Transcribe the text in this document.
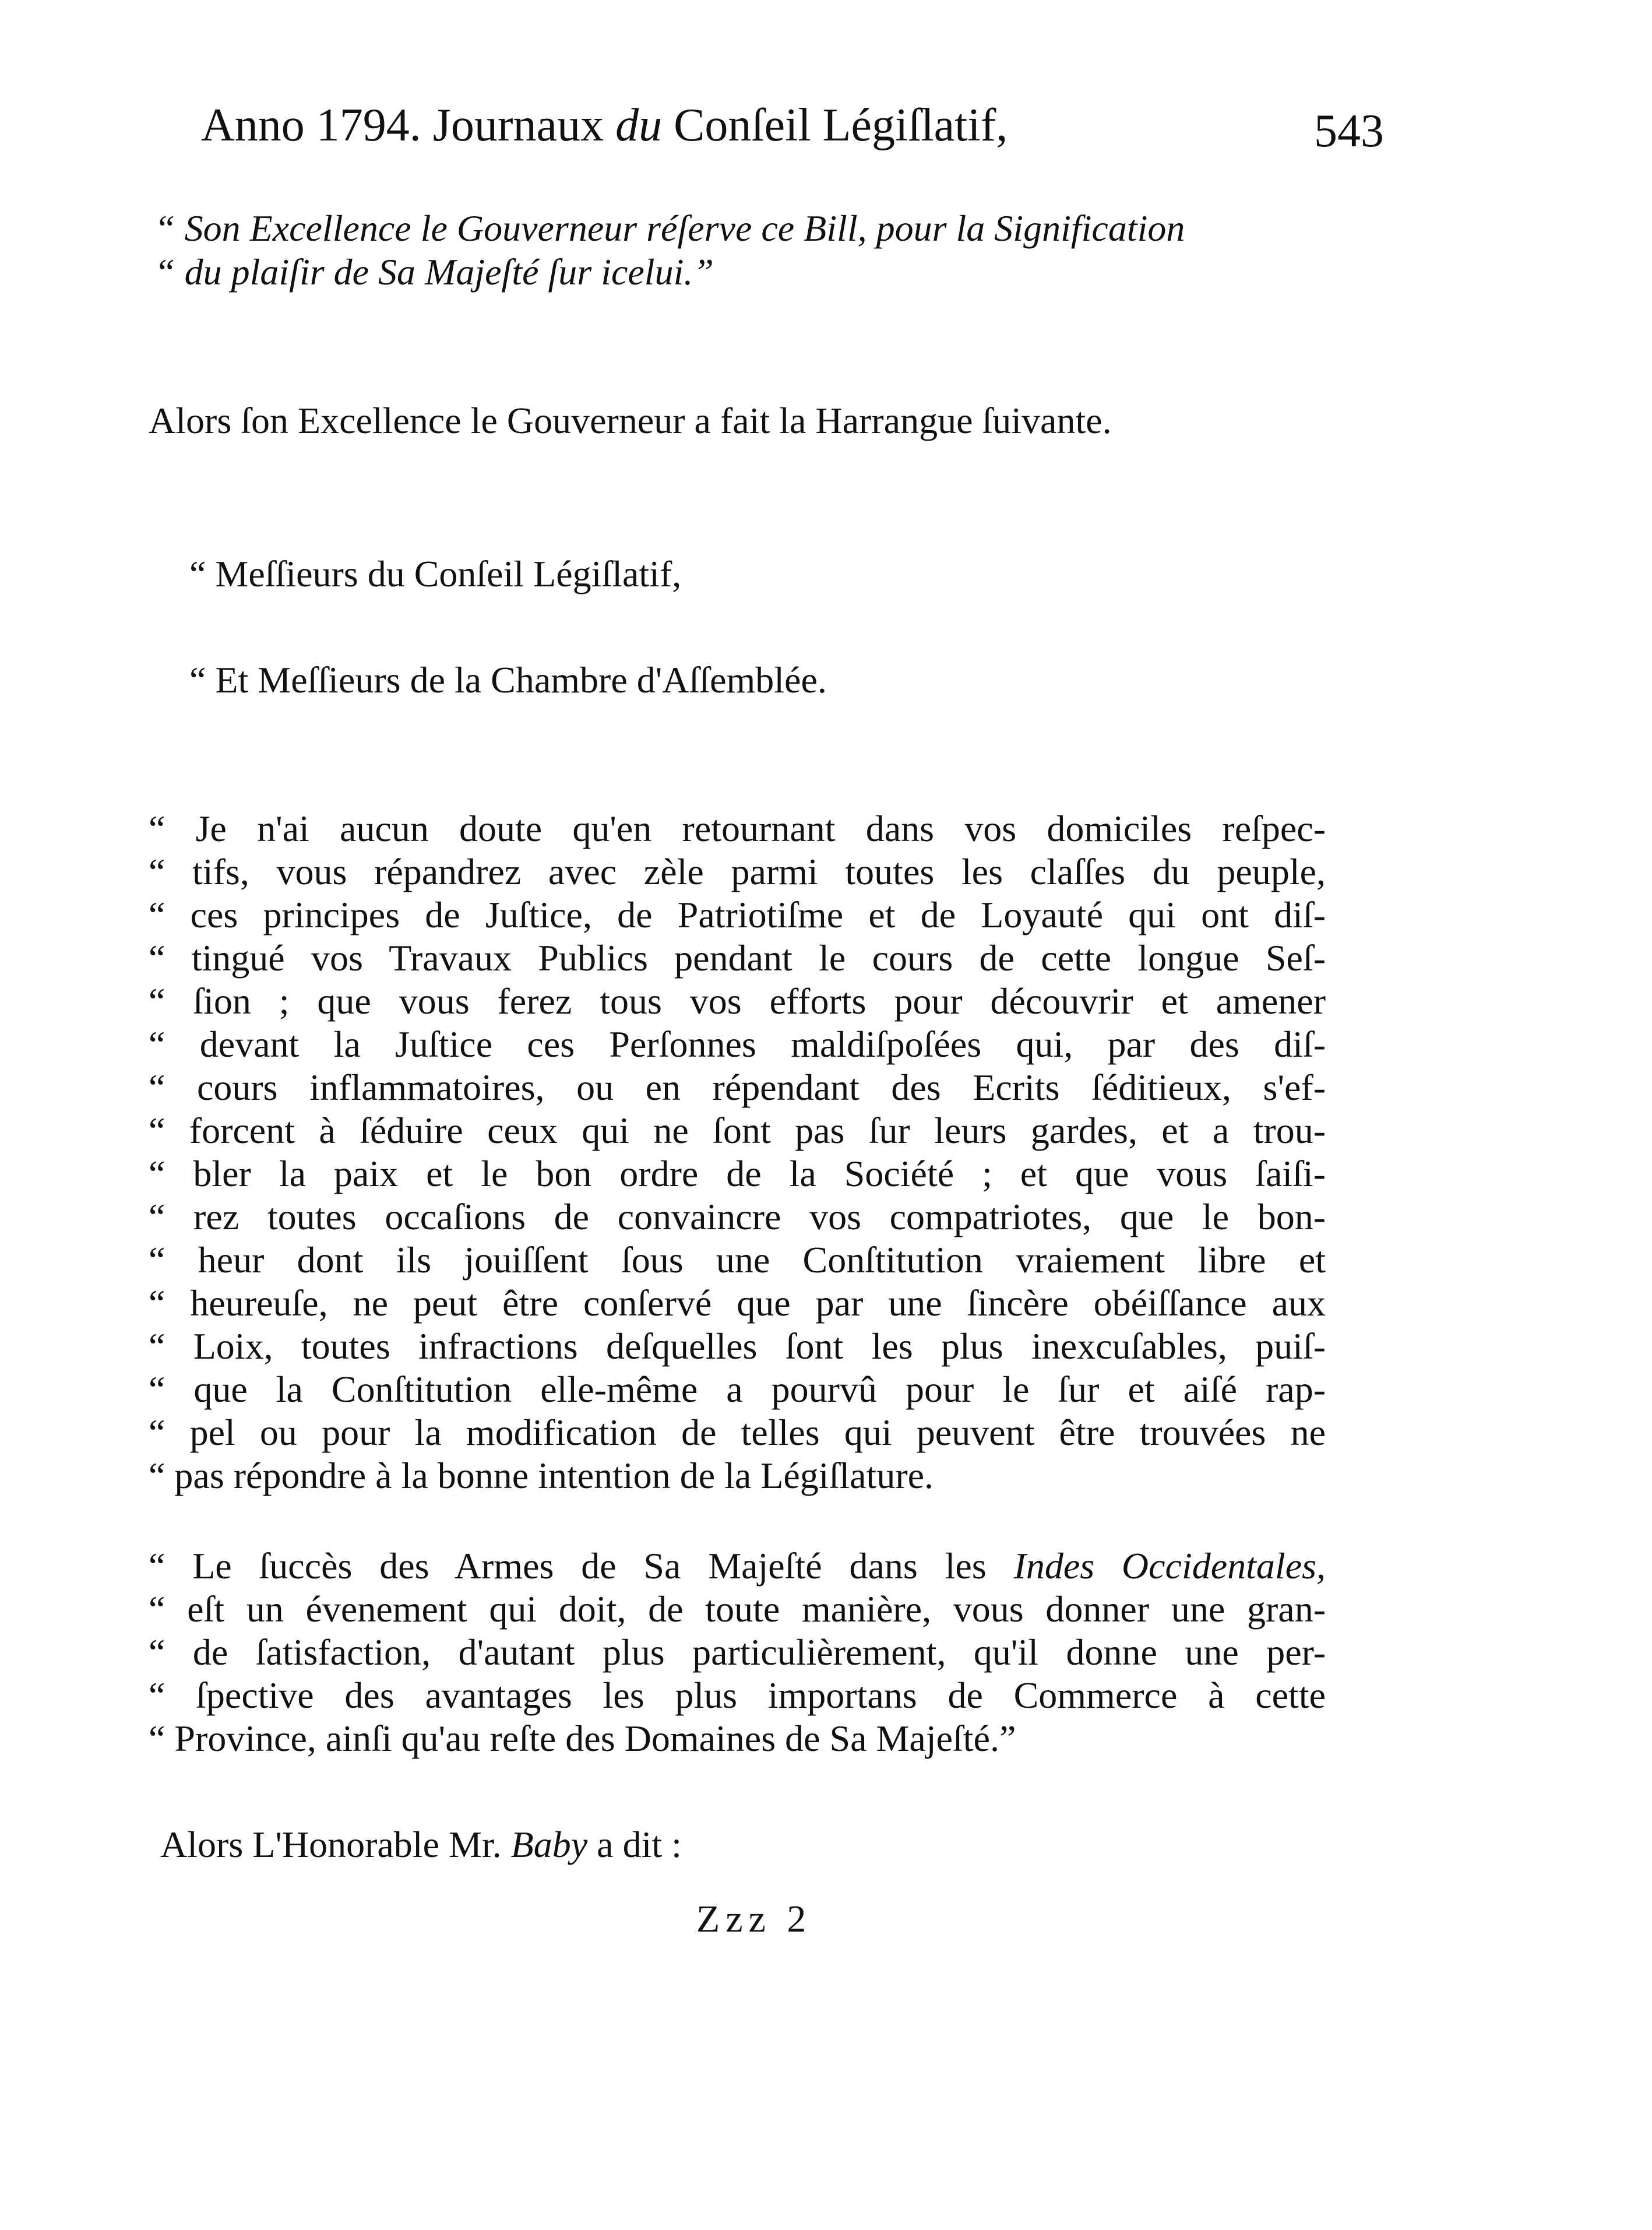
Anno 1794. Journaux du Conſeil Légiſlatif,	543
“ Son Excellence le Gouverneur réſerve ce Bill, pour la Signification
“ du plaiſir de Sa Majeſté ſur icelui.”
Alors ſon Excellence le Gouverneur a fait la Harrangue ſuivante.
“ Meſſieurs du Conſeil Légiſlatif,
“ Et Meſſieurs de la Chambre d'Aſſemblée.
“ Je n'ai aucun doute qu'en retournant dans vos domiciles reſpec-
“ tifs, vous répandrez avec zèle parmi toutes les claſſes du peuple,
“ ces principes de Juſtice, de Patriotiſme et de Loyauté qui ont diſ-
“ tingué vos Travaux Publics pendant le cours de cette longue Seſ-
“ ſion ; que vous ferez tous vos efforts pour découvrir et amener
“ devant la Juſtice ces Perſonnes maldiſpoſées qui, par des diſ-
“ cours inflammatoires, ou en répendant des Ecrits ſéditieux, s'ef-
“ forcent à ſéduire ceux qui ne ſont pas ſur leurs gardes, et a trou-
“ bler la paix et le bon ordre de la Société ; et que vous ſaiſi-
“ rez toutes occaſions de convaincre vos compatriotes, que le bon-
“ heur dont ils jouiſſent ſous une Conſtitution vraiement libre et
“ heureuſe, ne peut être conſervé que par une ſincère obéiſſance aux
“ Loix, toutes infractions deſquelles ſont les plus inexcuſables, puiſ-
“ que la Conſtitution elle-même a pourvû pour le ſur et aiſé rap-
“ pel ou pour la modification de telles qui peuvent être trouvées ne
“ pas répondre à la bonne intention de la Légiſlature.
“ Le ſuccès des Armes de Sa Majeſté dans les Indes Occidentales,
“ eſt un évenement qui doit, de toute manière, vous donner une gran-
“ de ſatisfaction, d'autant plus particulièrement, qu'il donne une per-
“ ſpective des avantages les plus importans de Commerce à cette
“ Province, ainſi qu'au reſte des Domaines de Sa Majeſté.”
Alors L'Honorable Mr. Baby a dit :
Zzz 2
